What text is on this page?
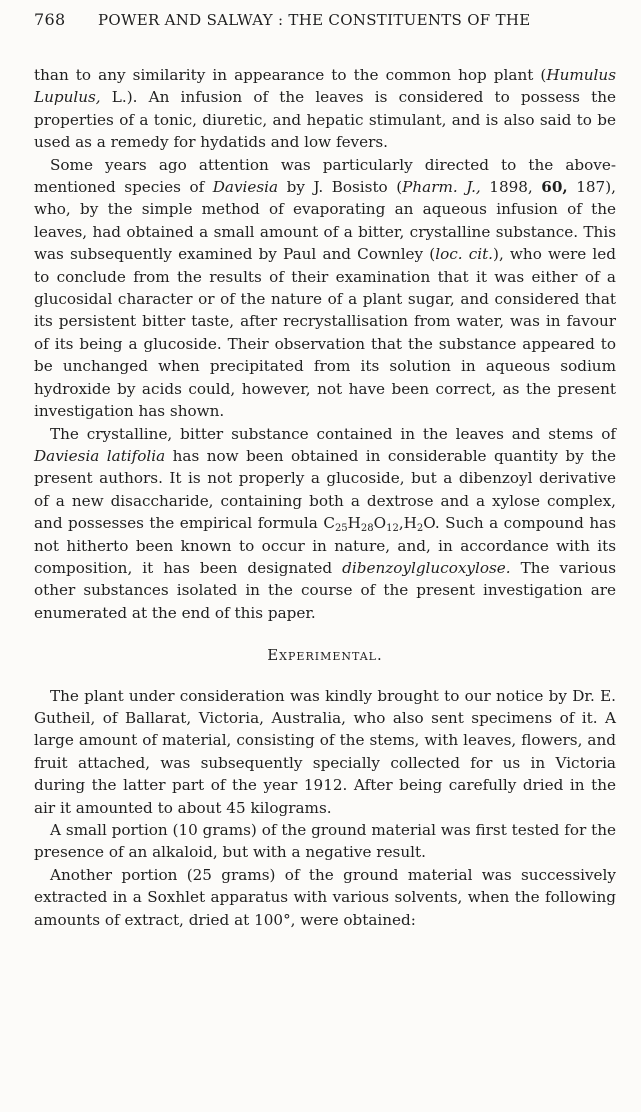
768	POWER AND SALWAY : THE CONSTITUENTS OF THE

than to any similarity in appearance to the common hop plant (Humulus Lupulus, L.). An infusion of the leaves is considered to possess the properties of a tonic, diuretic, and hepatic stimulant, and is also said to be used as a remedy for hydatids and low fevers.

Some years ago attention was particularly directed to the above-mentioned species of Daviesia by J. Bosisto (Pharm. J., 1898, 60, 187), who, by the simple method of evaporating an aqueous infusion of the leaves, had obtained a small amount of a bitter, crystalline substance. This was subsequently examined by Paul and Cownley (loc. cit.), who were led to conclude from the results of their examination that it was either of a glucosidal character or of the nature of a plant sugar, and considered that its persistent bitter taste, after recrystallisation from water, was in favour of its being a glucoside. Their observation that the substance appeared to be unchanged when precipitated from its solution in aqueous sodium hydroxide by acids could, however, not have been correct, as the present investigation has shown.

The crystalline, bitter substance contained in the leaves and stems of Daviesia latifolia has now been obtained in considerable quantity by the present authors. It is not properly a glucoside, but a dibenzoyl derivative of a new disaccharide, containing both a dextrose and a xylose complex, and possesses the empirical formula $C_{25}H_{28}O_{12},H_2O$. Such a compound has not hitherto been known to occur in nature, and, in accordance with its composition, it has been designated dibenzoylglucoxylose. The various other substances isolated in the course of the present investigation are enumerated at the end of this paper.

Experimental.

The plant under consideration was kindly brought to our notice by Dr. E. Gutheil, of Ballarat, Victoria, Australia, who also sent specimens of it. A large amount of material, consisting of the stems, with leaves, flowers, and fruit attached, was subsequently specially collected for us in Victoria during the latter part of the year 1912. After being carefully dried in the air it amounted to about 45 kilograms.

A small portion (10 grams) of the ground material was first tested for the presence of an alkaloid, but with a negative result.

Another portion (25 grams) of the ground material was successively extracted in a Soxhlet apparatus with various solvents, when the following amounts of extract, dried at 100°, were obtained:
